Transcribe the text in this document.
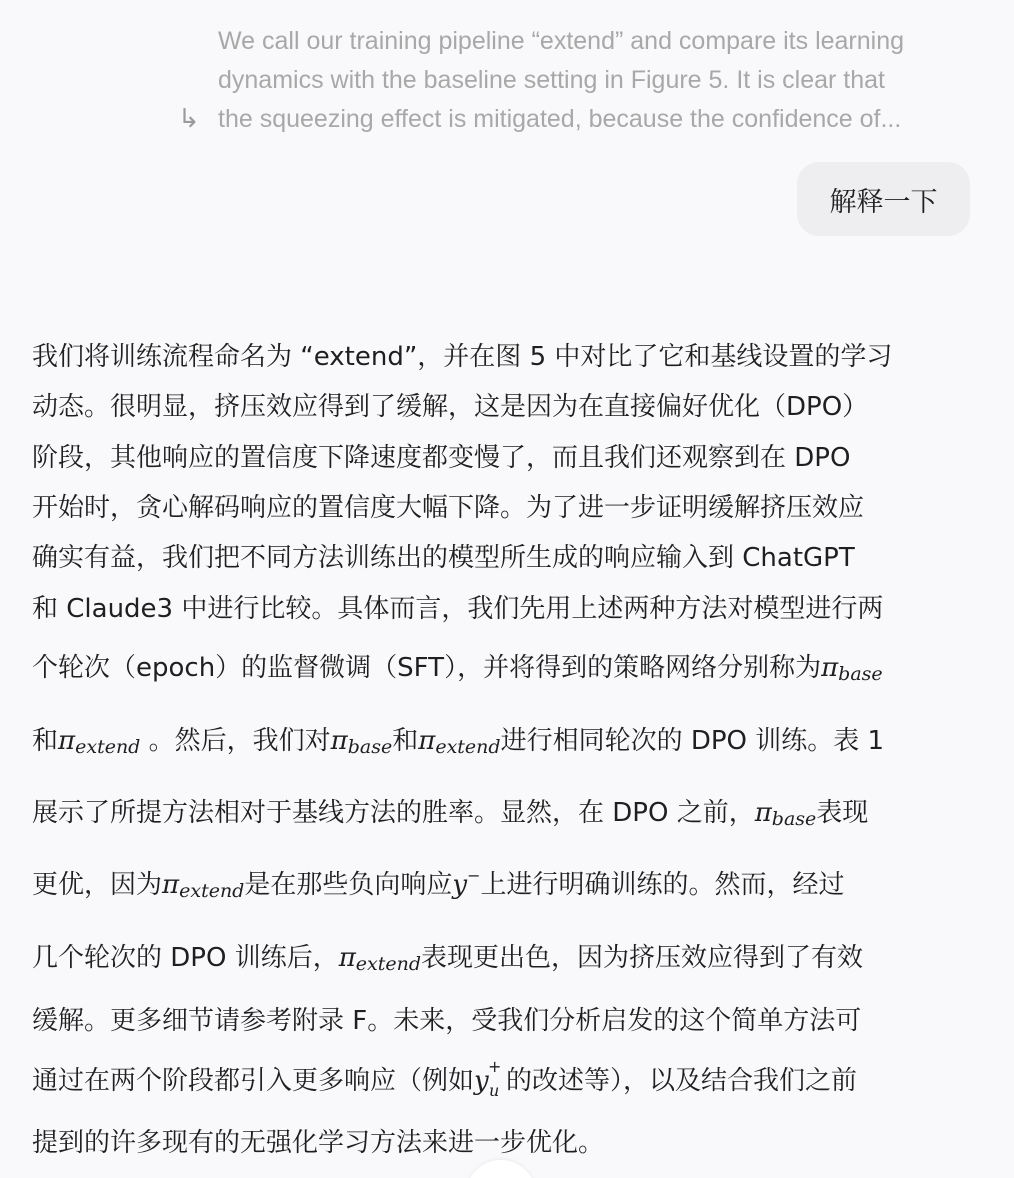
↳
We call our training pipeline “extend” and compare its learning
dynamics with the baseline setting in Figure 5. It is clear that
the squeezing effect is mitigated, because the confidence of...
解释一下
我们将训练流程命名为 “extend”，并在图 5 中对比了它和基线设置的学习
动态。很明显，挤压效应得到了缓解，这是因为在直接偏好优化（DPO）
阶段，其他响应的置信度下降速度都变慢了，而且我们还观察到在 DPO
开始时，贪心解码响应的置信度大幅下降。为了进一步证明缓解挤压效应
确实有益，我们把不同方法训练出的模型所生成的响应输入到 ChatGPT
和 Claude3 中进行比较。具体而言，我们先用上述两种方法对模型进行两
个轮次（epoch）的监督微调（SFT），并将得到的策略网络分别称为$\pi_{base}$
和$\pi_{extend}$ 。然后，我们对$\pi_{base}$和$\pi_{extend}$进行相同轮次的 DPO 训练。表 1
展示了所提方法相对于基线方法的胜率。显然，在 DPO 之前，$\pi_{base}$表现
更优，因为$\pi_{extend}$是在那些负向响应y−上进行明确训练的。然而，经过
几个轮次的 DPO 训练后，$\pi_{extend}$表现更出色，因为挤压效应得到了有效
缓解。更多细节请参考附录 F。未来，受我们分析启发的这个简单方法可
通过在两个阶段都引入更多响应（例如y +
u 的改述等），以及结合我们之前
提到的许多现有的无强化学习方法来进一步优化。
